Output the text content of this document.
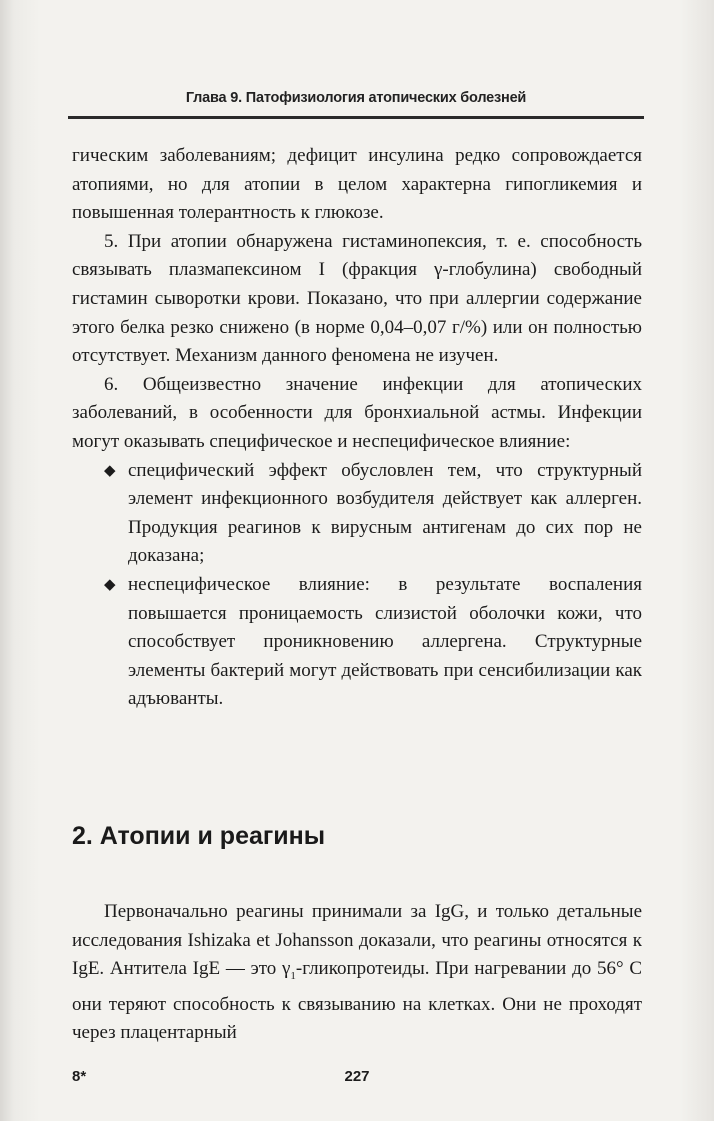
Глава 9. Патофизиология атопических болезней

гическим заболеваниям; дефицит инсулина редко сопровождается атопиями, но для атопии в целом характерна гипогликемия и повышенная толерантность к глюкозе.

5. При атопии обнаружена гистаминопексия, т. е. способность связывать плазмапексином I (фракция γ-глобулина) свободный гистамин сыворотки крови. Показано, что при аллергии содержание этого белка резко снижено (в норме 0,04–0,07 г/%) или он полностью отсутствует. Механизм данного феномена не изучен.

6. Общеизвестно значение инфекции для атопических заболеваний, в особенности для бронхиальной астмы. Инфекции могут оказывать специфическое и неспецифическое влияние:

◆ специфический эффект обусловлен тем, что структурный элемент инфекционного возбудителя действует как аллерген. Продукция реагинов к вирусным антигенам до сих пор не доказана;
◆ неспецифическое влияние: в результате воспаления повышается проницаемость слизистой оболочки кожи, что способствует проникновению аллергена. Структурные элементы бактерий могут действовать при сенсибилизации как адъюванты.
2. Атопии и реагины

Первоначально реагины принимали за IgG, и только детальные исследования Ishizaka et Johansson доказали, что реагины относятся к IgE. Антитела IgE — это $\gamma_1$-гликопротеиды. При нагревании до 56° С они теряют способность к связыванию на клетках. Они не проходят через плацентарный

8*	227
